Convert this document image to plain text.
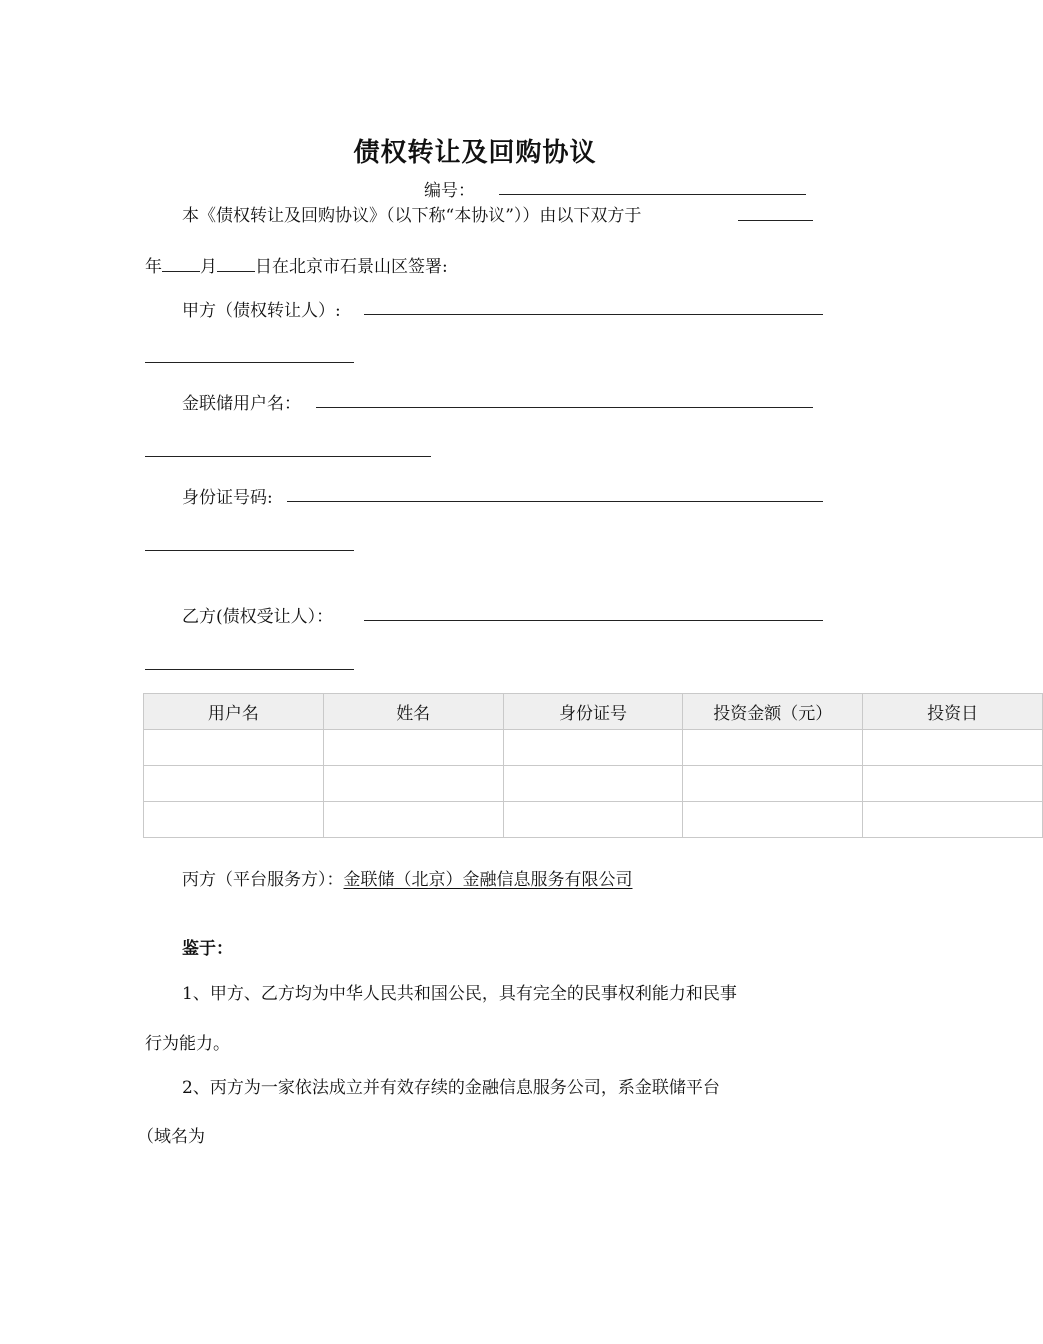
债权转让及回购协议
编号：
本《债权转让及回购协议》（以下称“本协议”））由以下双方于
年 月 日在北京市石景山区签署:
甲方（债权转让人）:
金联储用户名：
身份证号码:
乙方(债权受让人）：
用户名	姓名	身份证号	投资金额（元）	投资日

丙方（平台服务方）：金联储（北京）金融信息服务有限公司
鉴于：
1、甲方、乙方均为中华人民共和国公民，具有完全的民事权利能力和民事
行为能力。
2、丙方为一家依法成立并有效存续的金融信息服务公司，系金联储平台
（域名为
